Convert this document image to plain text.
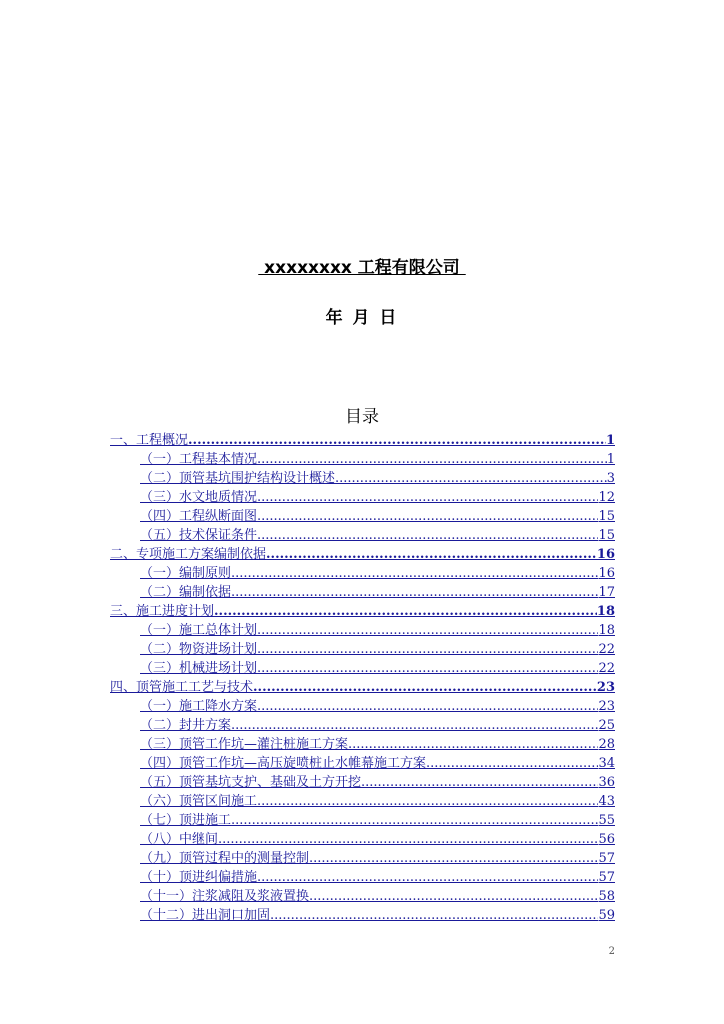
xxxxxxxx 工程有限公司
年 月 日
目录
一、工程概况 .....	1
（一）工程基本情况 .....	1
（二）顶管基坑围护结构设计概述 .....	3
（三）水文地质情况 .....	12
（四）工程纵断面图 .....	15
（五）技术保证条件 .....	15
二、专项施工方案编制依据 .....	16
（一）编制原则 .....	16
（二）编制依据 .....	17
三、施工进度计划 .....	18
（一）施工总体计划 .....	18
（二）物资进场计划 .....	22
（三）机械进场计划 .....	22
四、顶管施工工艺与技术 .....	23
（一）施工降水方案 .....	23
（二）封井方案 .....	25
（三）顶管工作坑—灌注桩施工方案 .....	28
（四）顶管工作坑—高压旋喷桩止水帷幕施工方案 .....	34
（五）顶管基坑支护、基础及土方开挖 .....	36
（六）顶管区间施工 .....	43
（七）顶进施工 .....	55
（八）中继间 .....	56
（九）顶管过程中的测量控制 .....	57
（十）顶进纠偏措施 .....	57
（十一）注浆减阻及浆液置换 .....	58
（十二）进出洞口加固 .....	59
2
